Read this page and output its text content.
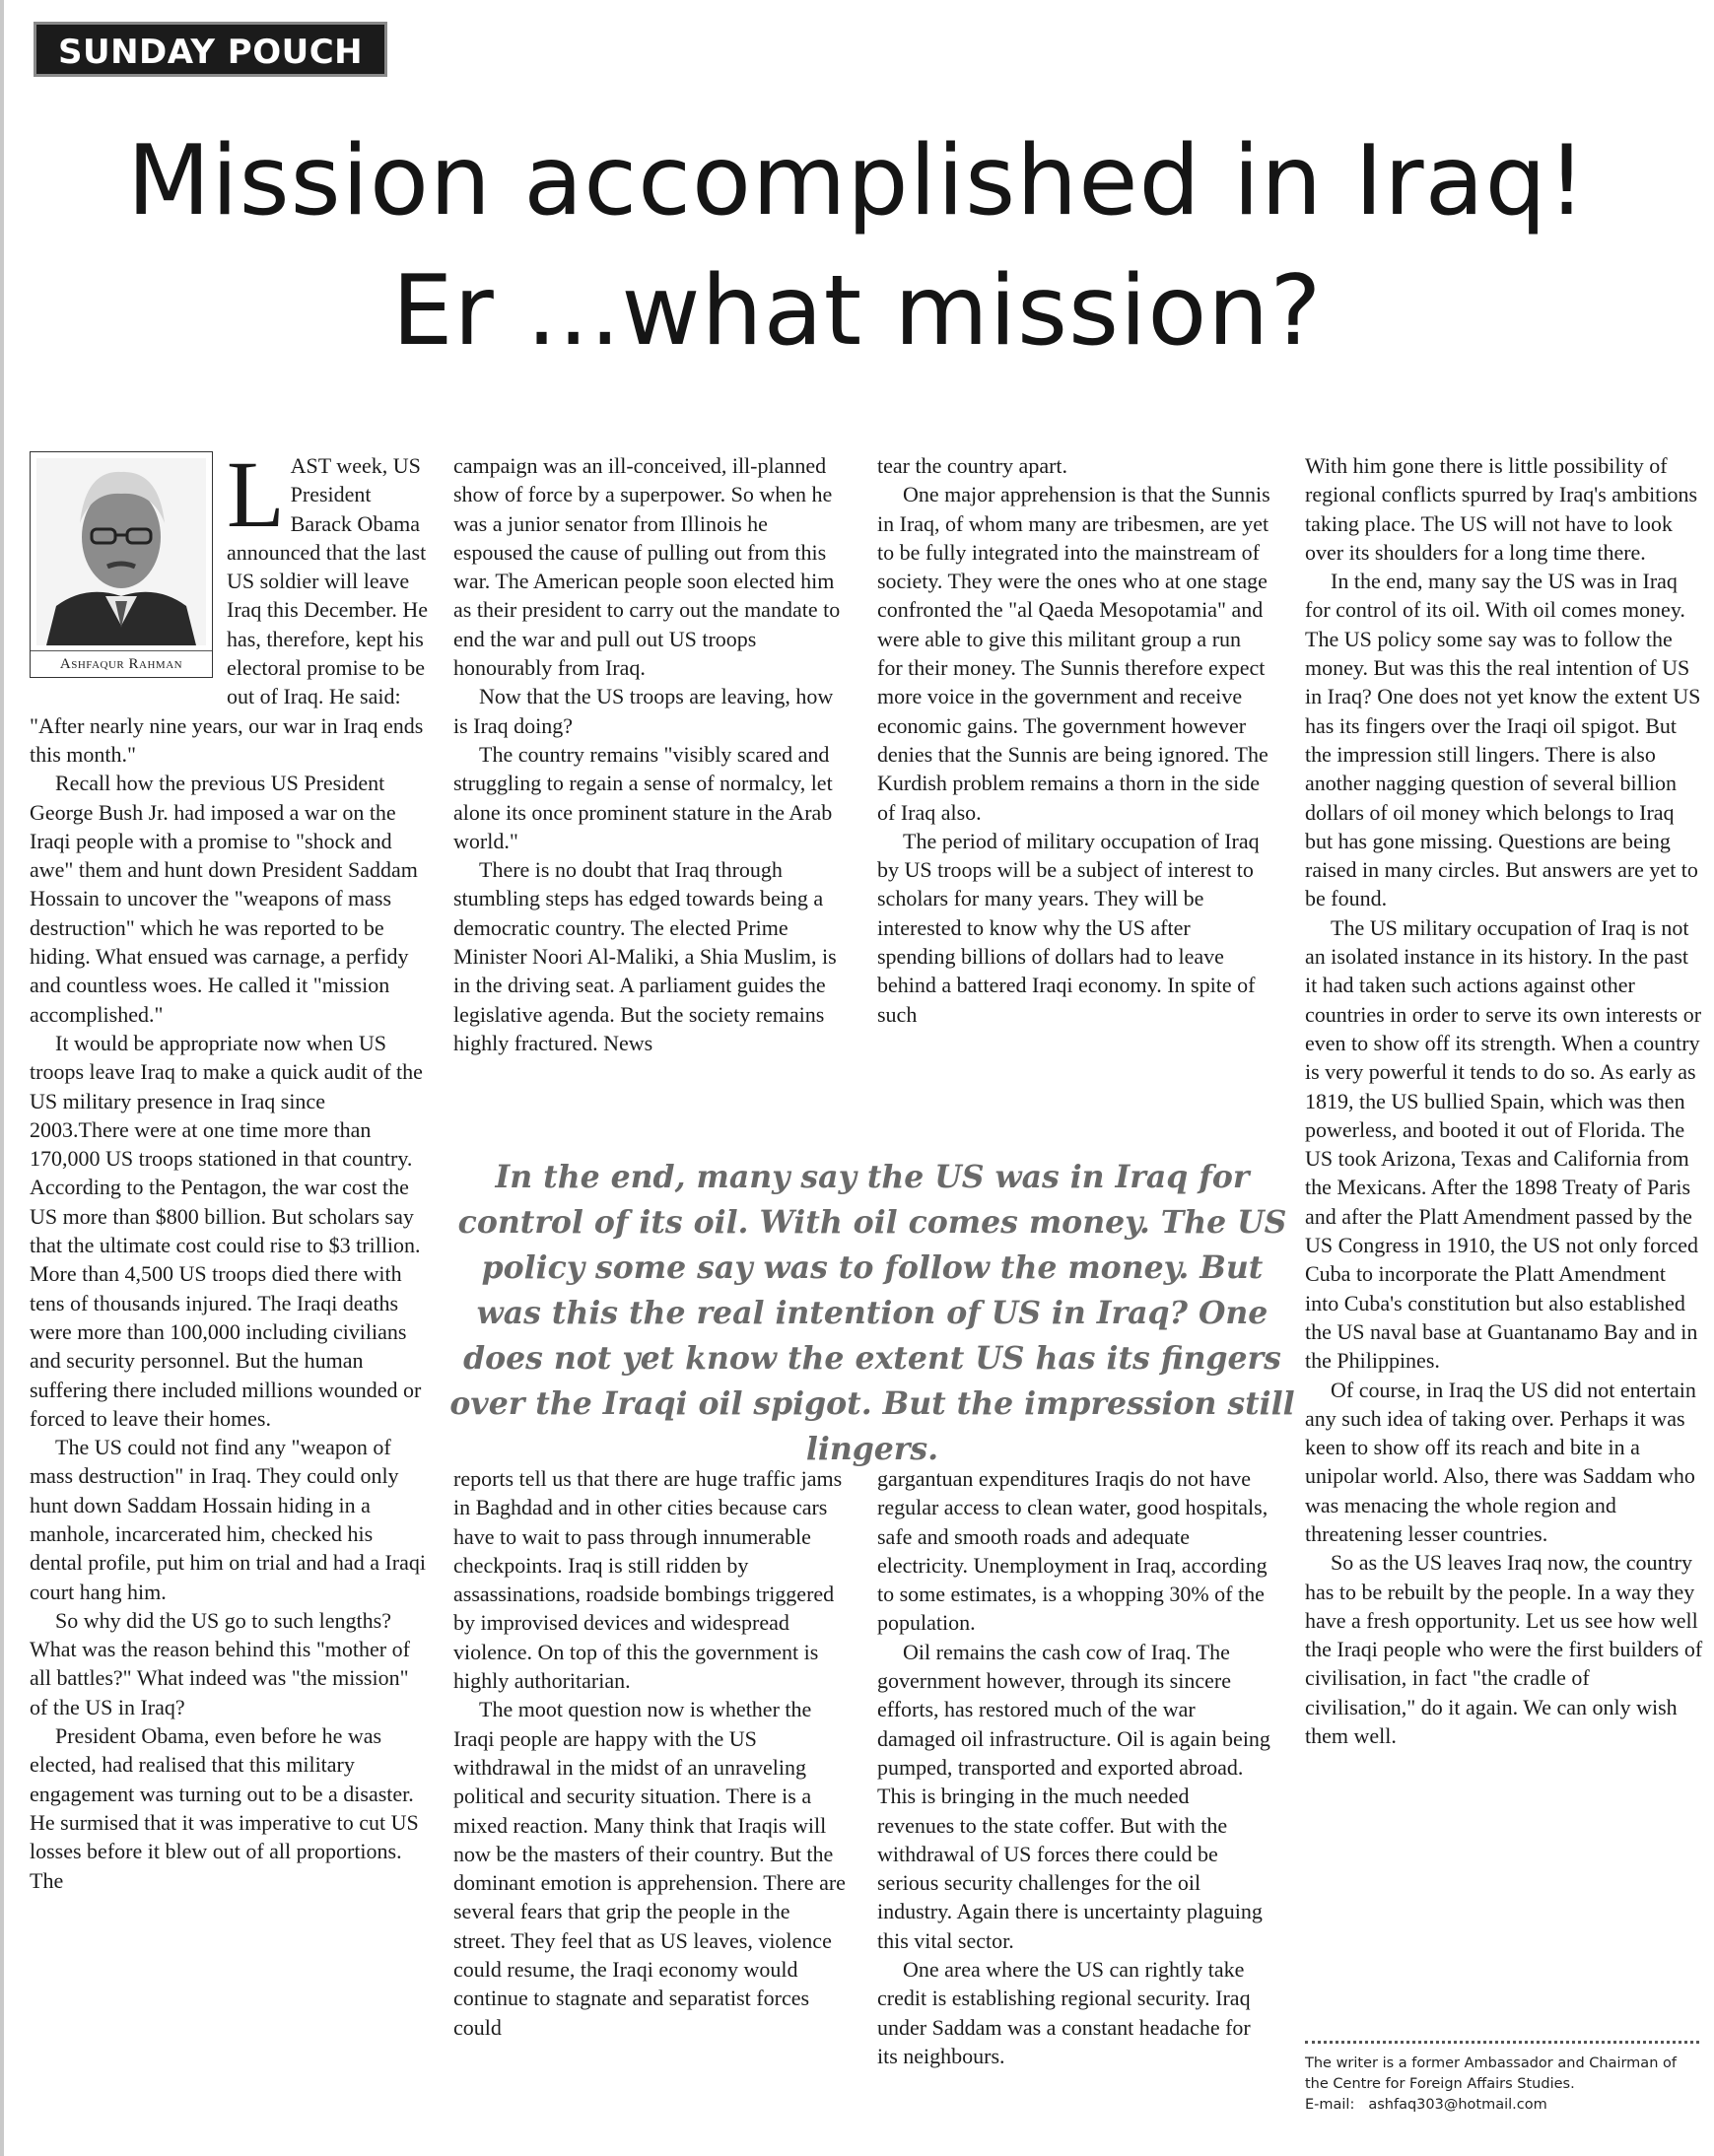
SUNDAY POUCH
Mission accomplished in Iraq!
Er ...what mission?
Ashfaqur Rahman
L AST week, US President Barack Obama announced that the last US soldier will leave Iraq this December. He has, therefore, kept his electoral promise to be out of Iraq. He said: "After nearly nine years, our war in Iraq ends this month."

Recall how the previous US President George Bush Jr. had imposed a war on the Iraqi people with a promise to "shock and awe" them and hunt down President Saddam Hossain to uncover the "weapons of mass destruction" which he was reported to be hiding. What ensued was carnage, a perfidy and countless woes. He called it "mission accomplished."

It would be appropriate now when US troops leave Iraq to make a quick audit of the US military presence in Iraq since 2003.There were at one time more than 170,000 US troops stationed in that country. According to the Pentagon, the war cost the US more than $800 billion. But scholars say that the ultimate cost could rise to $3 trillion. More than 4,500 US troops died there with tens of thousands injured. The Iraqi deaths were more than 100,000 including civilians and security personnel. But the human suffering there included millions wounded or forced to leave their homes.

The US could not find any "weapon of mass destruction" in Iraq. They could only hunt down Saddam Hossain hiding in a manhole, incarcerated him, checked his dental profile, put him on trial and had a Iraqi court hang him.

So why did the US go to such lengths? What was the reason behind this "mother of all battles?" What indeed was "the mission" of the US in Iraq?

President Obama, even before he was elected, had realised that this military engagement was turning out to be a disaster. He surmised that it was imperative to cut US losses before it blew out of all proportions. The

campaign was an ill-conceived, ill-planned show of force by a superpower. So when he was a junior senator from Illinois he espoused the cause of pulling out from this war. The American people soon elected him as their president to carry out the mandate to end the war and pull out US troops honourably from Iraq.

Now that the US troops are leaving, how is Iraq doing?

The country remains "visibly scared and struggling to regain a sense of normalcy, let alone its once prominent stature in the Arab world."

There is no doubt that Iraq through stumbling steps has edged towards being a democratic country. The elected Prime Minister Noori Al-Maliki, a Shia Muslim, is in the driving seat. A parliament guides the legislative agenda. But the society remains highly fractured. News

tear the country apart.

One major apprehension is that the Sunnis in Iraq, of whom many are tribesmen, are yet to be fully integrated into the mainstream of society. They were the ones who at one stage confronted the "al Qaeda Mesopotamia" and were able to give this militant group a run for their money. The Sunnis therefore expect more voice in the government and receive economic gains. The government however denies that the Sunnis are being ignored. The Kurdish problem remains a thorn in the side of Iraq also.

The period of military occupation of Iraq by US troops will be a subject of interest to scholars for many years. They will be interested to know why the US after spending billions of dollars had to leave behind a battered Iraqi economy. In spite of such

In the end, many say the US was in Iraq for control of its oil. With oil comes money. The US policy some say was to follow the money. But was this the real intention of US in Iraq? One does not yet know the extent US has its fingers over the Iraqi oil spigot. But the impression still lingers.

reports tell us that there are huge traffic jams in Baghdad and in other cities because cars have to wait to pass through innumerable checkpoints. Iraq is still ridden by assassinations, roadside bombings triggered by improvised devices and widespread violence. On top of this the government is highly authoritarian.

The moot question now is whether the Iraqi people are happy with the US withdrawal in the midst of an unraveling political and security situation. There is a mixed reaction. Many think that Iraqis will now be the masters of their country. But the dominant emotion is apprehension. There are several fears that grip the people in the street. They feel that as US leaves, violence could resume, the Iraqi economy would continue to stagnate and separatist forces could

gargantuan expenditures Iraqis do not have regular access to clean water, good hospitals, safe and smooth roads and adequate electricity. Unemployment in Iraq, according to some estimates, is a whopping 30% of the population.

Oil remains the cash cow of Iraq. The government however, through its sincere efforts, has restored much of the war damaged oil infrastructure. Oil is again being pumped, transported and exported abroad. This is bringing in the much needed revenues to the state coffer. But with the withdrawal of US forces there could be serious security challenges for the oil industry. Again there is uncertainty plaguing this vital sector.

One area where the US can rightly take credit is establishing regional security. Iraq under Saddam was a constant headache for its neighbours.

With him gone there is little possibility of regional conflicts spurred by Iraq's ambitions taking place. The US will not have to look over its shoulders for a long time there.

In the end, many say the US was in Iraq for control of its oil. With oil comes money. The US policy some say was to follow the money. But was this the real intention of US in Iraq? One does not yet know the extent US has its fingers over the Iraqi oil spigot. But the impression still lingers. There is also another nagging question of several billion dollars of oil money which belongs to Iraq but has gone missing. Questions are being raised in many circles. But answers are yet to be found.

The US military occupation of Iraq is not an isolated instance in its history. In the past it had taken such actions against other countries in order to serve its own interests or even to show off its strength. When a country is very powerful it tends to do so. As early as 1819, the US bullied Spain, which was then powerless, and booted it out of Florida. The US took Arizona, Texas and California from the Mexicans. After the 1898 Treaty of Paris and after the Platt Amendment passed by the US Congress in 1910, the US not only forced Cuba to incorporate the Platt Amendment into Cuba's constitution but also established the US naval base at Guantanamo Bay and in the Philippines.

Of course, in Iraq the US did not entertain any such idea of taking over. Perhaps it was keen to show off its reach and bite in a unipolar world. Also, there was Saddam who was menacing the whole region and threatening lesser countries.

So as the US leaves Iraq now, the country has to be rebuilt by the people. In a way they have a fresh opportunity. Let us see how well the Iraqi people who were the first builders of civilisation, in fact "the cradle of civilisation," do it again. We can only wish them well.

The writer is a former Ambassador and Chairman of the Centre for Foreign Affairs Studies.
E-mail: ashfaq303@hotmail.com
